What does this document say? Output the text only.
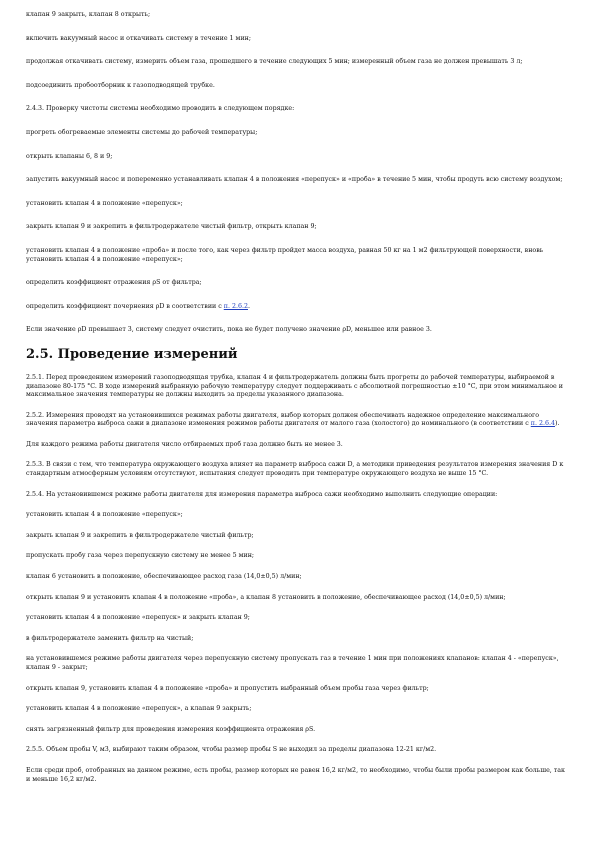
клапан 9 закрыть, клапан 8 открыть;

включить вакуумный насос и откачивать систему в течение 1 мин;

продолжая откачивать систему, измерить объем газа, прошедшего в течение следующих 5 мин; измеренный объем газа не должен превышать 3 л;

подсоединить пробоотборник к газоподводящей трубке.

2.4.3. Проверку чистоты системы необходимо проводить в следующем порядке:

прогреть обогреваемые элементы системы до рабочей температуры;

открыть клапаны 6, 8 и 9;

запустить вакуумный насос и попеременно устанавливать клапан 4 в положения «перепуск» и «проба» в течение 5 мин, чтобы продуть всю систему воздухом;

установить клапан 4 в положение «перепуск»;

закрыть клапан 9 и закрепить в фильтродержателе чистый фильтр, открыть клапан 9;

установить клапан 4 в положение «проба» и после того, как через фильтр пройдет масса воздуха, равная 50 кг на 1 м2 фильтрующей поверхности, вновь установить клапан 4 в положение «перепуск»;

определить коэффициент отражения ρS от фильтра;

определить коэффициент почернения ρD в соответствии с п. 2.6.2.

Если значение ρD превышает 3, систему следует очистить, пока не будет получено значение ρD, меньшее или равное 3.

2.5. Проведение измерений

2.5.1. Перед проведением измерений газоподводящая трубка, клапан 4 и фильтродержатель должны быть прогреты до рабочей температуры, выбираемой в диапазоне 80-175 °C. В ходе измерений выбранную рабочую температуру следует поддерживать с абсолютной погрешностью ±10 °C, при этом минимальное и максимальное значения температуры не должны выходить за пределы указанного диапазона.

2.5.2. Измерения проводят на установившихся режимах работы двигателя, выбор которых должен обеспечивать надежное определение максимального значения параметра выброса сажи в диапазоне изменения режимов работы двигателя от малого газа (холостого) до номинального (в соответствии с п. 2.6.4).

Для каждого режима работы двигателя число отбираемых проб газа должно быть не менее 3.

2.5.3. В связи с тем, что температура окружающего воздуха влияет на параметр выброса сажи D, а методики приведения результатов измерения значения D к стандартным атмосферным условиям отсутствуют, испытания следует проводить при температуре окружающего воздуха не выше 15 °C.

2.5.4. На установившемся режиме работы двигателя для измерения параметра выброса сажи необходимо выполнить следующие операции:

установить клапан 4 в положение «перепуск»;

закрыть клапан 9 и закрепить в фильтродержателе чистый фильтр;

пропускать пробу газа через перепускную систему не менее 5 мин;

клапан 6 установить в положение, обеспечивающее расход газа (14,0±0,5) л/мин;

открыть клапан 9 и установить клапан 4 в положение «проба», а клапан 8 установить в положение, обеспечивающее расход (14,0±0,5) л/мин;

установить клапан 4 в положение «перепуск» и закрыть клапан 9;

в фильтродержателе заменить фильтр на чистый;

на установившемся режиме работы двигателя через перепускную систему пропускать газ в течение 1 мин при положениях клапанов: клапан 4 - «перепуск», клапан 9 - закрыт;

открыть клапан 9, установить клапан 4 в положение «проба» и пропустить выбранный объем пробы газа через фильтр;

установить клапан 4 в положение «перепуск», а клапан 9 закрыть;

снять загрязненный фильтр для проведения измерения коэффициента отражения ρS.

2.5.5. Объем пробы V, м3, выбирают таким образом, чтобы размер пробы S не выходил за пределы диапазона 12-21 кг/м2.

Если среди проб, отобранных на данном режиме, есть пробы, размер которых не равен 16,2 кг/м2, то необходимо, чтобы были пробы размером как больше, так и меньше 16,2 кг/м2.
